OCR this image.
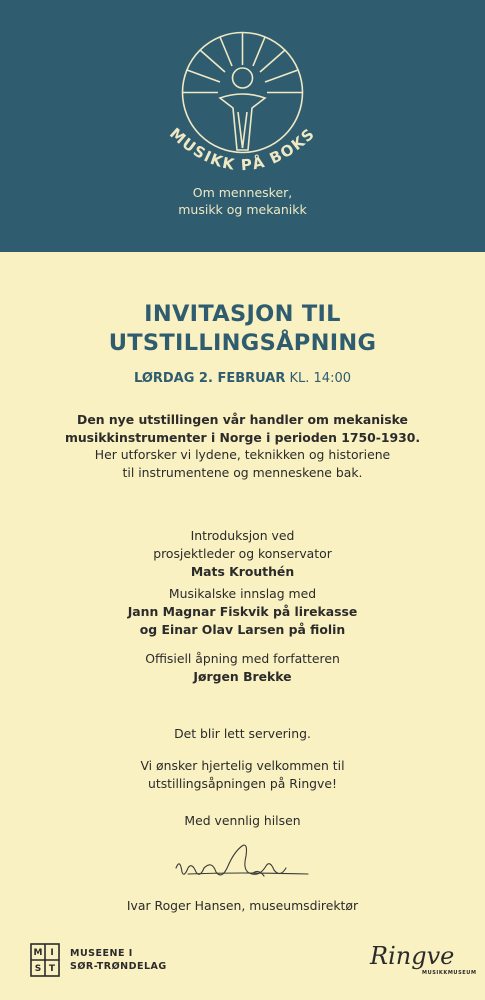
MUSIKK PÅ BOKS
Om mennesker,
musikk og mekanikk
INVITASJON TIL
UTSTILLINGSÅPNING
LØRDAG 2. FEBRUAR KL. 14:00
Den nye utstillingen vår handler om mekaniske
musikkinstrumenter i Norge i perioden 1750-1930.
Her utforsker vi lydene, teknikken og historiene
til instrumentene og menneskene bak.
Introduksjon ved
prosjektleder og konservator
Mats Krouthén
Musikalske innslag med
Jann Magnar Fiskvik på lirekasse
og Einar Olav Larsen på fiolin
Offisiell åpning med forfatteren
Jørgen Brekke
Det blir lett servering.
Vi ønsker hjertelig velkommen til
utstillingsåpningen på Ringve!
Med vennlig hilsen
Ivar Roger Hansen, museumsdirektør
M I
S T
MUSEENE I
SØR-TRØNDELAG	Ringve
MUSIKKMUSEUM
